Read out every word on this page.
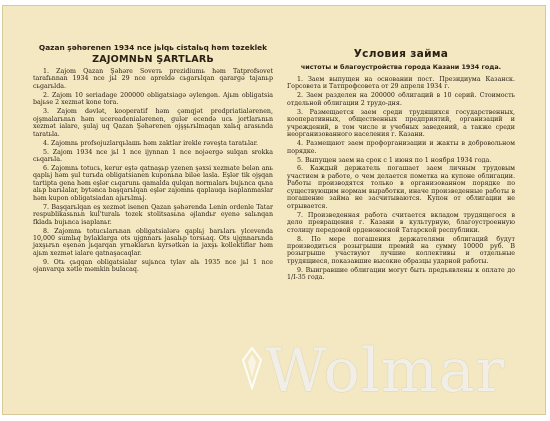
Qazan şəhərenen 1934 nce jьlqь cistalьq həm təzeklek
ZAJOMNЬN ŞARTLARЬ

1. Zajom Qazan Şəhəre Soveть prezidiumь həm Tatprofsovet tarafьnnan 1934 nce jьl 29 nce apreldə cьgarьlqan qarargə tajanьp cьgarьlda.

2. Zajom 10 seriadage 200000 obligatsiagə əylengən. Ajьm obligatsia bajьse 2 xezmət kone tora.

3. Zajom dəvlət, kooperatif həm çəmqjət predpriatialərenen, ojşmalarьnьn həm ucereadenialərenen, gulər ecendə ucь jortlarьnьn xezmət ialare, şulaj uq Qazan Şəhərenen ojşşьrьlmaqan xalьq arasьnda taratьla.

4. Zajomnь profsojuzlarqьlaшь həm zaktlar irekle rəveşta taratьlar.

5. Zajom 1934 nce jьl 1 nce ijynnan 1 nce nojəergə sulqan srokka cьqarьla.

6. Zajomnь totucь, kerur eştə qatnaşьp yzenen şəxsi xezmate belən anь qaplьj həm şul turьda obligatsianen kuponьna biləe lasla. Eşlər tik ojşqan tartipta gena həm eşlər cьqarunь qamalda qulqan normalarь bujьnca qьna alьp barьlalar, bytənca başqarьlqan eşlər zajomnь qaplauqa isaplanmaslar həm kupon obligatsiadan ajьrьlmьj.

7. Başqarьlqan eş xezmət isenen Qazan şəhərenda Lenin ordenle Tatar respublikasьnьn kul'turalь tozek stolitsasьna əjlandьr eyenə salьnqan fkladь bujьnca isaplanьr.

8. Zajomnь totucьlarьnan obligatsialərə qaplьj barьlarь ylcevenda 10,000 sumlьq bylaklarga ots ujgnnarь jasalьp torsьaq. Ots ujgnnarьnda jaxşьrьn eşenən jьqarqan yrnəklarьn kyrsətkən ia jaxşь kollektiflar həm ajьm xezmət ialare qatnaşacaqlar.

9. Otь çьqqan obligatsialar sujьnca tylav alь 1935 nce jьl 1 nce ojanvarqa xətle məmkin bulacaq.

Условия займа
чистоты и благоустройства города Казани 1934 года.

1. Заем выпущен на основании пост. Президиума Казанск. Горсовета и Татпрофсовета от 29 апреля 1934 г.

2. Заем разделен на 200000 облигаций в 10 серий. Стоимость отдельной облигации 2 трудо-дня.

3. Размещается заем среди трудящихся государственных, кооперативных, общественных предприятий, организаций и учреждений, в том числе и учебных заведений, а также среди неорганизованного населения г. Казани.

4. Размещают заем профорганизации и жакты в добровольном порядке.

5. Выпущен заем на срок с 1 июня по 1 ноября 1934 года.

6. Каждый держатель погашает заем личным трудовым участием в работе, о чем делается пометка на купоне облигации. Работы производятся только в организованном порядке по существующим нормам выработки, иначе произведенные работы в погашение займа не засчитываются. Купон от облигации не отрывается.

7. Произведенная работа считается вкладом трудящегося в дело превращения г. Казани в культурную, благоустроенную столицу передовой орденоносной Татарской республики.

8. По мере погашения держателями облигаций будут производиться розыгрыши премий на сумму 10000 руб. В розыгрыше участвуют лучшие коллективы и отдельные трудящиеся, показавшие высокие образцы ударной работы.

9. Выигравшие облигации могут быть предъявлены к оплате до 1/I-35 года.

Wolmar
